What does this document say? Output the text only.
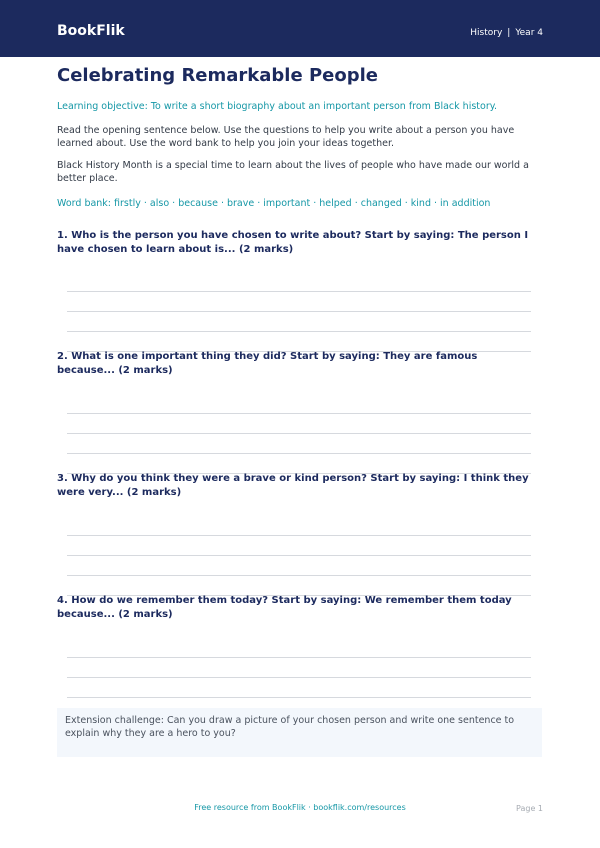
BookFlik	History | Year 4
Celebrating Remarkable People
Learning objective: To write a short biography about an important person from Black history.
Read the opening sentence below. Use the questions to help you write about a person you have learned about. Use the word bank to help you join your ideas together.
Black History Month is a special time to learn about the lives of people who have made our world a better place.
Word bank: firstly · also · because · brave · important · helped · changed · kind · in addition
1. Who is the person you have chosen to write about? Start by saying: The person I have chosen to learn about is... (2 marks)
2. What is one important thing they did? Start by saying: They are famous because... (2 marks)
3. Why do you think they were a brave or kind person? Start by saying: I think they were very... (2 marks)
4. How do we remember them today? Start by saying: We remember them today because... (2 marks)
Extension challenge: Can you draw a picture of your chosen person and write one sentence to explain why they are a hero to you?
Free resource from BookFlik · bookflik.com/resources	Page 1
